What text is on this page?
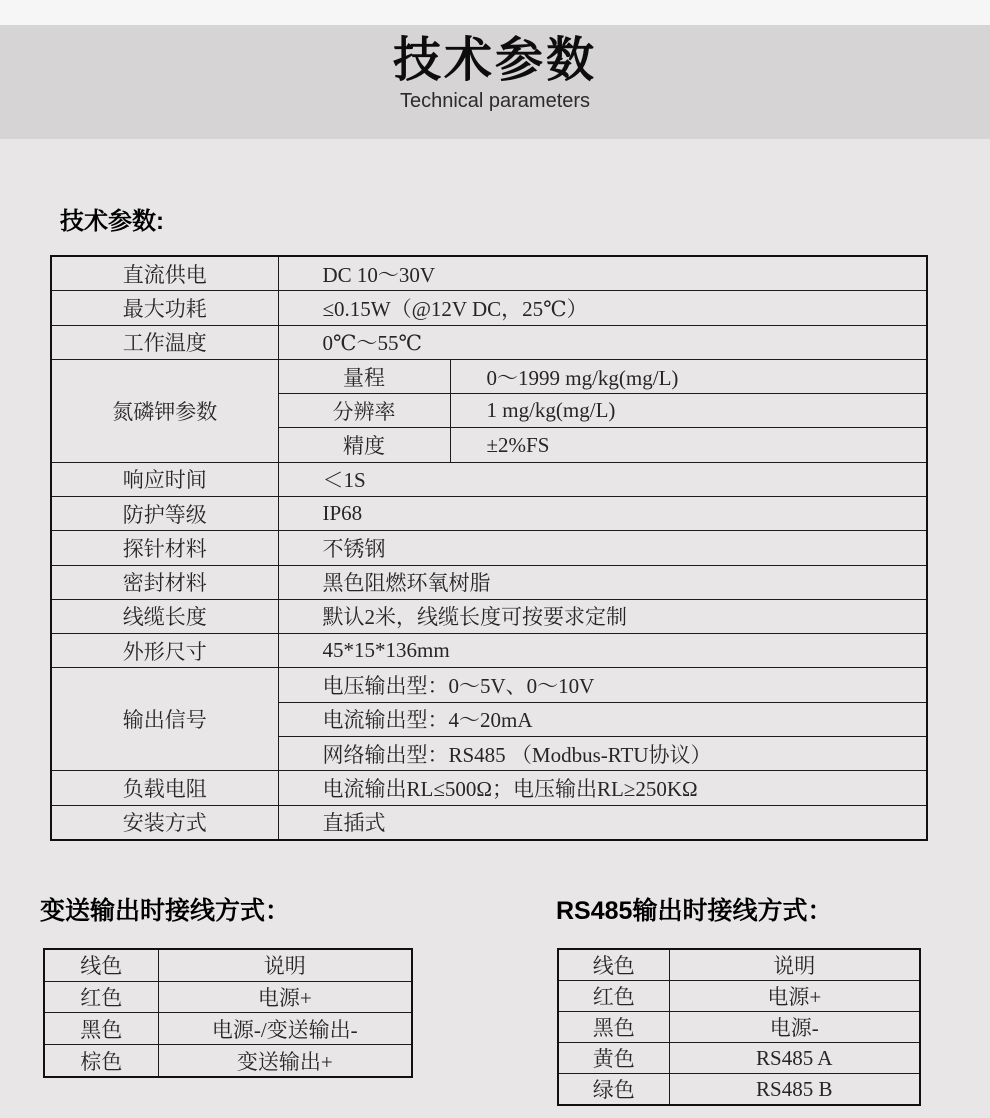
技术参数
Technical parameters
技术参数:
直流供电	DC 10～30V	
最大功耗	≤0.15W（@12V DC，25℃）	
工作温度	0℃～55℃	
氮磷钾参数	量程	0～1999 mg/kg(mg/L)
	分辨率	1 mg/kg(mg/L)
	精度	±2%FS
响应时间	＜1S	
防护等级	IP68	
探针材料	不锈钢	
密封材料	黑色阻燃环氧树脂	
线缆长度	默认2米，线缆长度可按要求定制	
外形尺寸	45*15*136mm	
输出信号	电压输出型：0～5V、0～10V	
	电流输出型：4～20mA	
	网络输出型：RS485 （Modbus-RTU协议）	
负载电阻	电流输出RL≤500Ω；电压输出RL≥250KΩ	
安装方式	直插式	
变送输出时接线方式：
线色	说明
红色	电源+
黑色	电源-/变送输出-
棕色	变送输出+
RS485输出时接线方式：
线色	说明
红色	电源+
黑色	电源-
黄色	RS485 A
绿色	RS485 B
